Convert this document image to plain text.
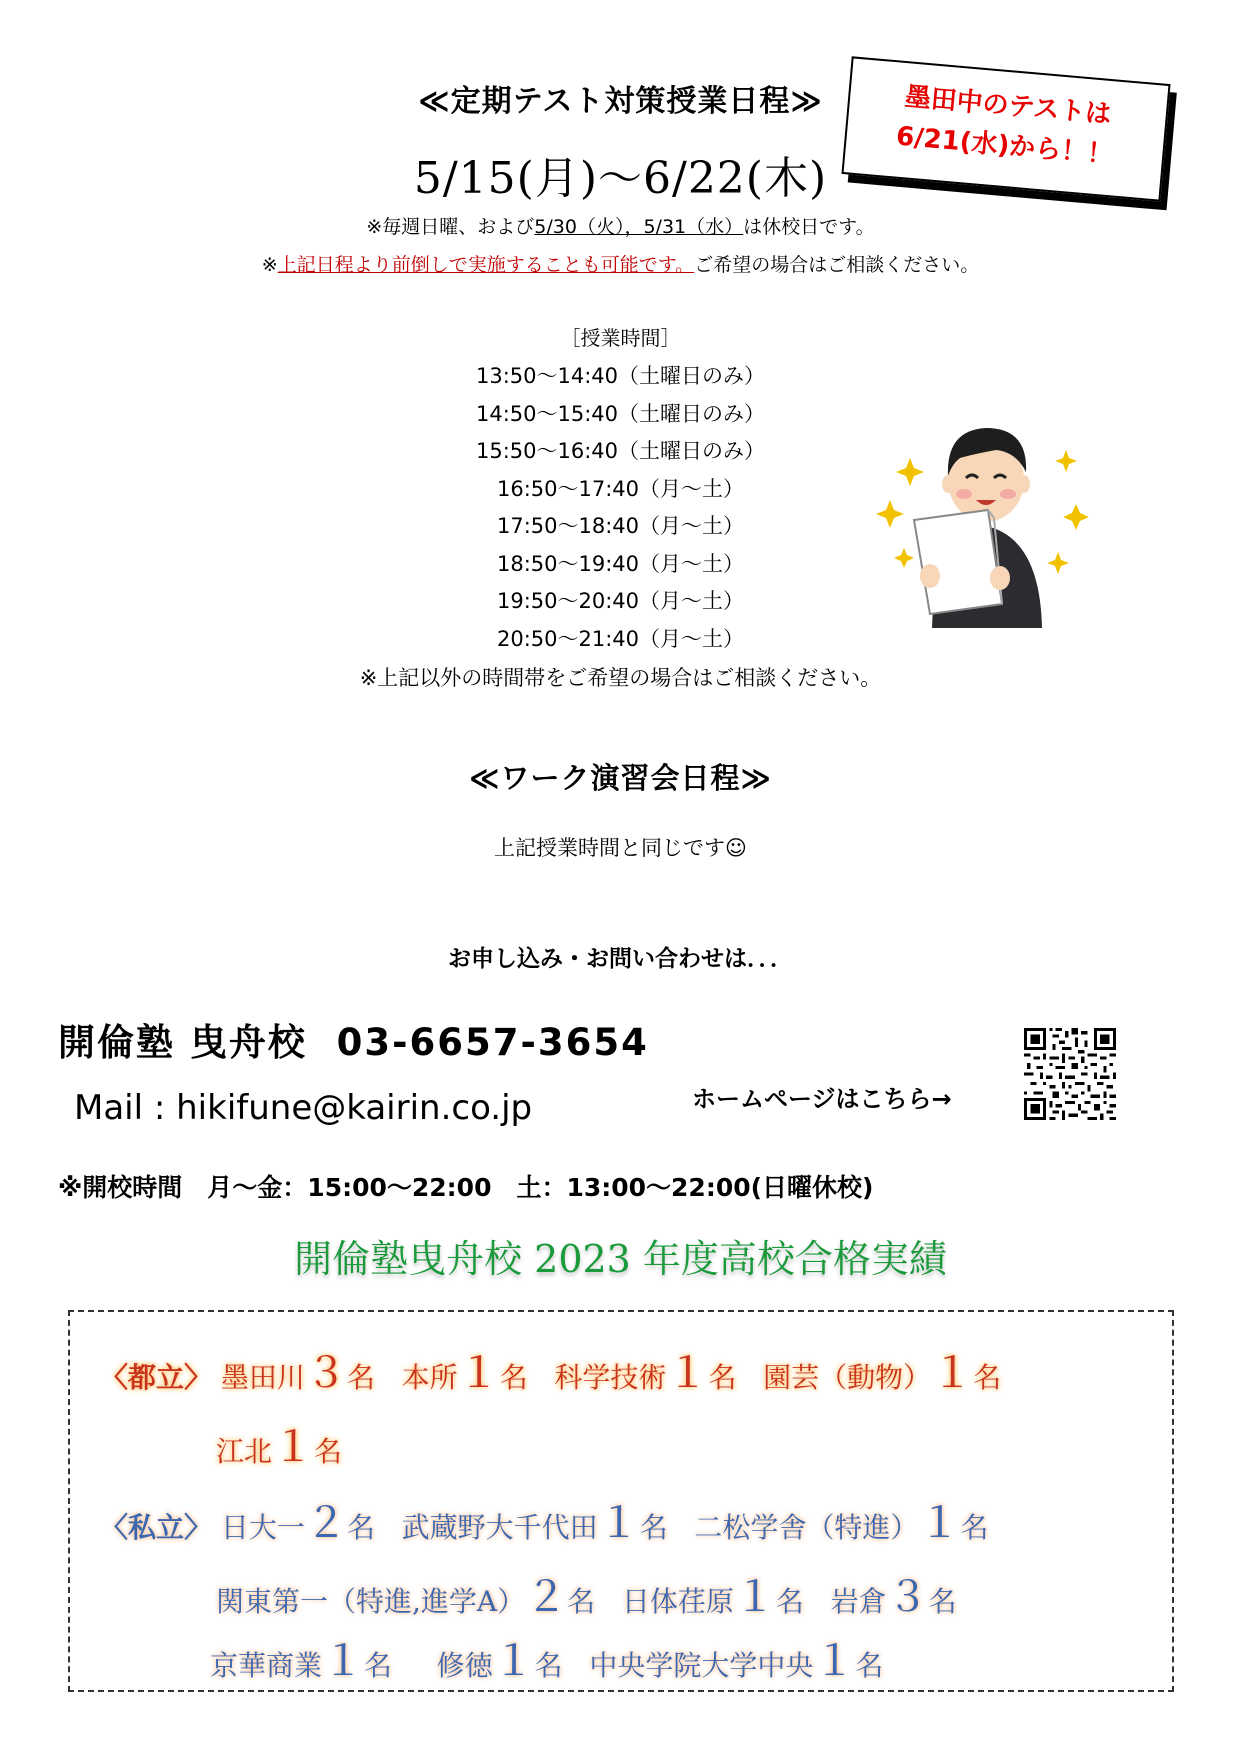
≪定期テスト対策授業日程≫
5/15(月)～6/22(木)
※毎週日曜、および5/30（火），5/31（水）は休校日です。
※上記日程より前倒しで実施することも可能です。ご希望の場合はご相談ください。
墨田中のテストは
6/21(水)から！！
［授業時間］
13:50～14:40（土曜日のみ）
14:50～15:40（土曜日のみ）
15:50～16:40（土曜日のみ）
16:50～17:40（月～土）
17:50～18:40（月～土）
18:50～19:40（月～土）
19:50～20:40（月～土）
20:50～21:40（月～土）
※上記以外の時間帯をご希望の場合はご相談ください。
≪ワーク演習会日程≫
上記授業時間と同じです☺
お申し込み・お問い合わせは．．．
開倫塾 曳舟校 03-6657-3654
Mail : hikifune@kairin.co.jp	ホームページはこちら→
※開校時間　月～金：15:00～22:00　土：13:00～22:00(日曜休校)
開倫塾曳舟校 2023 年度高校合格実績
〈都立〉 墨田川３名 本所１名 科学技術１名 園芸（動物）１名
江北１名
〈私立〉 日大一２名 武蔵野大千代田１名 二松学舎（特進）１名
関東第一（特進,進学A）２名 日体荏原１名 岩倉３名
京華商業１名 修徳１名 中央学院大学中央１名
